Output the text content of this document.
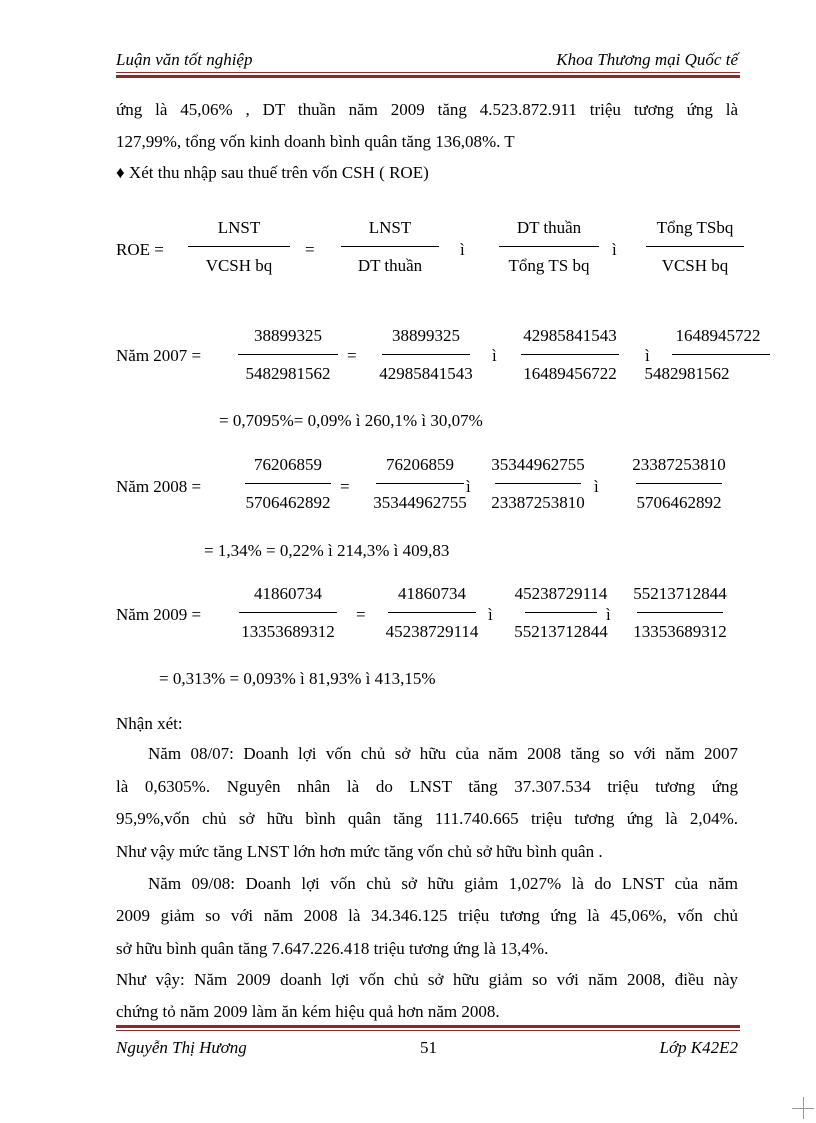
Luận văn tốt nghiệp	Khoa Thương mại Quốc tế
ứng là 45,06% , DT thuần năm 2009 tăng 4.523.872.911 triệu tương ứng là
127,99%, tổng vốn kinh doanh bình quân tăng 136,08%. T
♦ Xét thu nhập sau thuế trên vốn CSH ( ROE)
ROE =
LNST
VCSH bq
=
LNST
DT thuần
ì
DT thuần
Tổng TS bq
ì
Tổng TSbq
VCSH bq
Năm 2007 =
38899325
5482981562
=
38899325
42985841543
ì
42985841543
16489456722
ì
1648945722
5482981562
= 0,7095%= 0,09% ì 260,1% ì 30,07%
Năm 2008 =
76206859
5706462892
=
76206859
35344962755
ì
35344962755
23387253810
ì
23387253810
5706462892
= 1,34% = 0,22% ì 214,3% ì 409,83
Năm 2009 =
41860734
13353689312
=
41860734
45238729114
ì
45238729114
55213712844
ì
55213712844
13353689312
= 0,313% = 0,093% ì 81,93% ì 413,15%
Nhận xét:
Năm 08/07: Doanh lợi vốn chủ sở hữu của năm 2008 tăng so với năm 2007
là 0,6305%. Nguyên nhân là do LNST tăng 37.307.534 triệu tương ứng
95,9%,vốn chủ sở hữu bình quân tăng 111.740.665 triệu tương ứng là 2,04%.
Như vậy mức tăng LNST lớn hơn mức tăng vốn chủ sở hữu bình quân .
Năm 09/08: Doanh lợi vốn chủ sở hữu giảm 1,027% là do LNST của năm
2009 giảm so với năm 2008 là 34.346.125 triệu tương ứng là 45,06%, vốn chủ
sở hữu bình quân tăng 7.647.226.418 triệu tương ứng là 13,4%.
Như vậy: Năm 2009 doanh lợi vốn chủ sở hữu giảm so với năm 2008, điều này
chứng tỏ năm 2009 làm ăn kém hiệu quả hơn năm 2008.
Nguyễn Thị Hương	51	Lớp K42E2
